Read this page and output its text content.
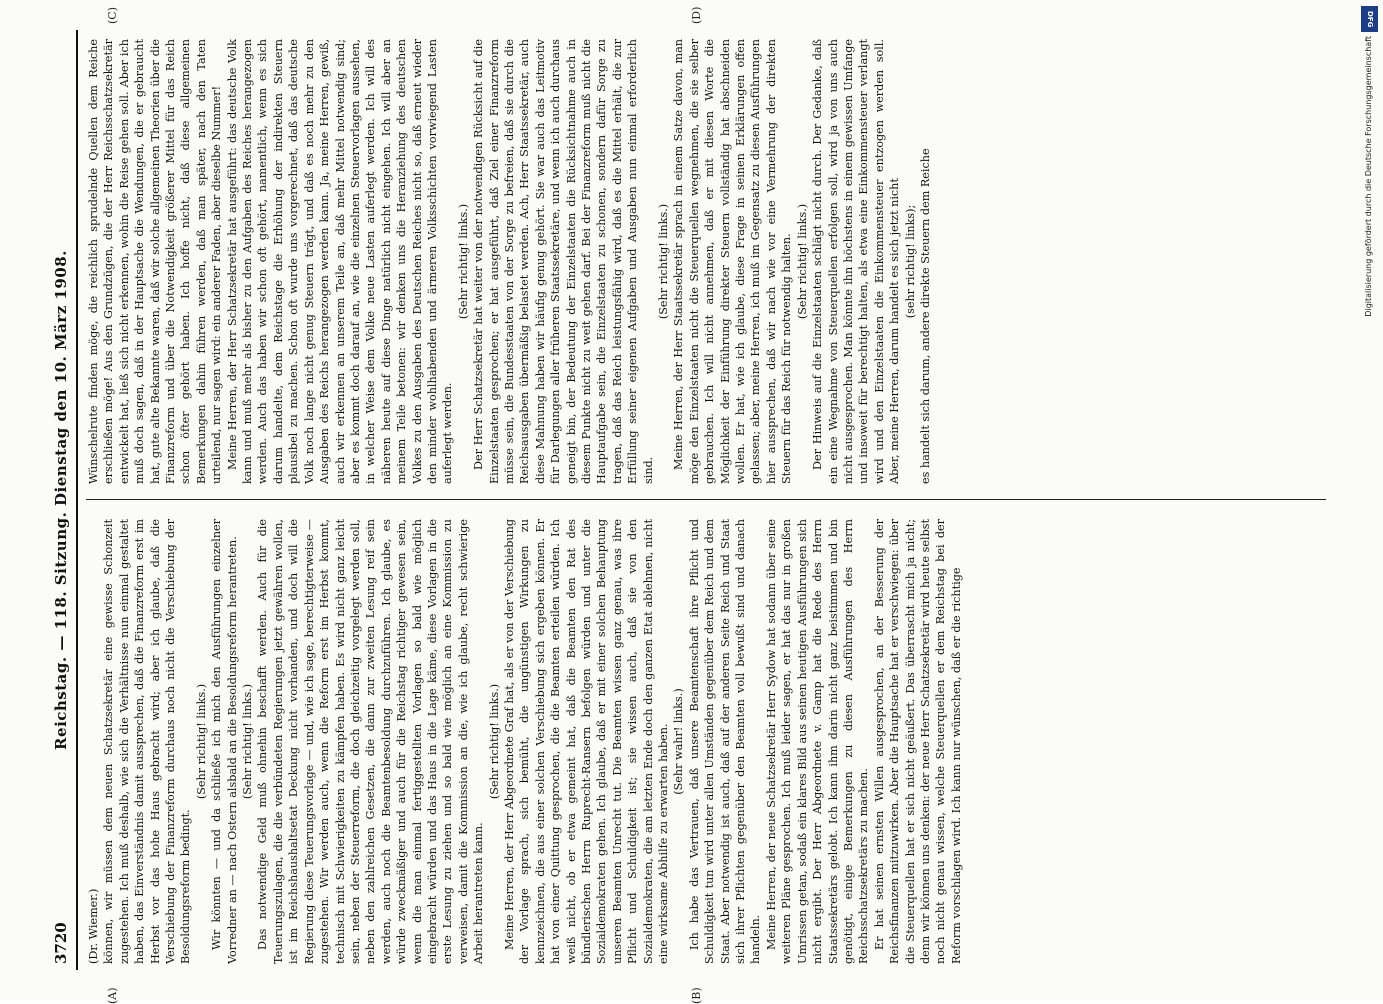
3720
Reichstag. — 118. Sitzung. Dienstag den 10. März 1908.
(A)	(B)
(C)	(D)

(Dr. Wiemer.) können, wir müssen dem neuen Schatzsekretär eine gewisse Schonzeit zugestehen. Ich muß deshalb, wie sich die Verhältnisse nun einmal gestaltet haben, das Einverständnis damit aussprechen, daß die Finanzreform erst im Herbst vor das hohe Haus gebracht wird; aber ich glaube, daß die Verschiebung der Finanzreform durchaus noch nicht die Verschiebung der Besoldungsreform bedingt.

(Sehr richtig! links.) Wir könnten — und da schließe ich mich den Ausführungen einzelner Vorredner an — nach Ostern alsbald an die Besoldungsreform herantreten. (Sehr richtig! links.) Das notwendige Geld muß ohnehin beschafft werden. Auch für die Teuerungszulagen, die die verbündeten Regierungen jetzt gewähren wollen, ist im Reichshaushaltsetat Deckung nicht vorhanden, und doch will die Regierung diese Teuerungsvorlage — und, wie ich sage, berechtigterweise — zugestehen. Wir werden auch, wenn die Reform erst im Herbst kommt, technisch mit Schwierigkeiten zu kämpfen haben. Es wird nicht ganz leicht sein, neben der Steuerreform, die doch gleichzeitig vorgelegt werden soll, neben den zahlreichen Gesetzen, die dann zur zweiten Lesung reif sein werden, auch noch die Beamtenbesoldung durchzuführen. Ich glaube, es würde zweckmäßiger und auch für die Reichstag richtiger gewesen sein, wenn die man einmal fertiggestellten Vorlagen so bald wie möglich eingebracht würden und das Haus in die Lage käme, diese Vorlagen in die erste Lesung zu ziehen und so bald wie möglich an eine Kommission zu verweisen, damit die Kommission an die, wie ich glaube, recht schwierige Arbeit herantreten kann.

(Sehr richtig! links.) Meine Herren, der Herr Abgeordnete Graf hat, als er von der Verschiebung der Vorlage sprach, sich bemüht, die ungünstigen Wirkungen zu kennzeichnen, die aus einer solchen Verschiebung sich ergeben können. Er hat von einer Quittung gesprochen, die die Beamten erteilen würden. Ich weiß nicht, ob er etwa gemeint hat, daß die Beamten den Rat des bündlerischen Herrn Ruprecht-Ransern befolgen würden und unter die Sozialdemokraten gehen. Ich glaube, daß er mit einer solchen Behauptung unseren Beamten Unrecht tut. Die Beamten wissen ganz genau, was ihre Pflicht und Schuldigkeit ist; sie wissen auch, daß sie von den Sozialdemokraten, die am letzten Ende doch den ganzen Etat ablehnen, nicht eine wirksame Abhilfe zu erwarten haben. (Sehr wahr! links.) Ich habe das Vertrauen, daß unsere Beamtenschaft ihre Pflicht und Schuldigkeit tun wird unter allen Umständen gegenüber dem Reich und dem Staat. Aber notwendig ist auch, daß auf der anderen Seite Reich und Staat sich ihrer Pflichten gegenüber den Beamten voll bewußt sind und danach handeln. Meine Herren, der neue Schatzsekretär Herr Sydow hat sodann über seine weiteren Pläne gesprochen. Ich muß leider sagen, er hat das nur in großen Umrissen getan, sodaß ein klares Bild aus seinen heutigen Ausführungen sich nicht ergibt. Der Herr Abgeordnete v. Gamp hat die Rede des Herrn Staatssekretärs gelobt. Ich kann ihm darin nicht ganz beistimmen und bin genötigt, einige Bemerkungen zu diesen Ausführungen des Herrn Reichsschatzsekretärs zu machen. Er hat seinen ernsten Willen ausgesprochen, an der Besserung der Reichsfinanzen mitzuwirken. Aber die Hauptsache hat er verschwiegen: über die Steuerquellen hat er sich nicht geäußert. Das überrascht mich ja nicht; denn wir können uns denken: der neue Herr Schatzsekretär wird heute selbst noch nicht genau wissen, welche Steuerquellen er dem Reichstag bei der Reform vorschlagen wird. Ich kann nur wünschen, daß er die richtige

Wünschelrute finden möge, die reichlich sprudelnde Quellen dem Reiche erschließen möge! Aus den Grundzügen, die der Herr Reichsschatzsekretär entwickelt hat, ließ sich nicht erkennen, wohin die Reise gehen soll. Aber ich muß doch sagen, daß in der Hauptsache die Wendungen, die er gebraucht hat, gute alte Bekannte waren, daß wir solche allgemeinen Theorien über die Finanzreform und über die Notwendigkeit größerer Mittel für das Reich schon öfter gehört haben. Ich hoffe nicht, daß diese allgemeinen Bemerkungen dahin führen werden, daß man später, nach den Taten urteilend, nur sagen wird: ein anderer Faden, aber dieselbe Nummer! Meine Herren, der Herr Schatzsekretär hat ausgeführt: das deutsche Volk kann und muß mehr als bisher zu den Aufgaben des Reiches herangezogen werden. Auch das haben wir schon oft gehört, namentlich, wenn es sich darum handelte, dem Reichstage die Erhöhung der indirekten Steuern plausibel zu machen. Schon oft wurde uns vorgerechnet, daß das deutsche Volk noch lange nicht genug Steuern trägt, und daß es noch mehr zu den Ausgaben des Reichs herangezogen werden kann. Ja, meine Herren, gewiß, auch wir erkennen an unserem Teile an, daß mehr Mittel notwendig sind; aber es kommt doch darauf an, wie die einzelnen Steuervorlagen aussehen, in welcher Weise dem Volke neue Lasten auferlegt werden. Ich will des näheren heute auf diese Dinge natürlich nicht eingehen. Ich will aber an meinem Teile betonen: wir denken uns die Heranziehung des deutschen Volkes zu den Ausgaben des Deutschen Reiches nicht so, daß erneut wieder den minder wohlhabenden und ärmeren Volksschichten vorwiegend Lasten auferlegt werden.

(Sehr richtig! links.) Der Herr Schatzsekretär hat weiter von der notwendigen Rücksicht auf die Einzelstaaten gesprochen; er hat ausgeführt, daß Ziel einer Finanzreform müsse sein, die Bundesstaaten von der Sorge zu befreien, daß sie durch die Reichsausgaben übermäßig belastet werden. Ach, Herr Staatssekretär, auch diese Mahnung haben wir häufig genug gehört. Sie war auch das Leitmotiv für Darlegungen aller früheren Staatssekretäre, und wenn ich auch durchaus geneigt bin, der Bedeutung der Einzelstaaten die Rücksichtnahme auch in diesem Punkte nicht zu weit gehen darf. Bei der Finanzreform muß nicht die Hauptaufgabe sein, die Einzelstaaten zu schonen, sondern dafür Sorge zu tragen, daß das Reich leistungsfähig wird, daß es die Mittel erhält, die zur Erfüllung seiner eigenen Aufgaben und Ausgaben nun einmal erforderlich sind.

(Sehr richtig! links.) Meine Herren, der Herr Staatssekretär sprach in einem Satze davon, man möge den Einzelstaaten nicht die Steuerquellen wegnehmen, die sie selber gebrauchen. Ich will nicht annehmen, daß er mit diesen Worte die Möglichkeit der Einführung direkter Steuern vollständig hat abschneiden wollen. Er hat, wie ich glaube, diese Frage in seinen Erklärungen offen gelassen; aber, meine Herren, ich muß im Gegensatz zu diesen Ausführungen hier aussprechen, daß wir nach wie vor eine Vermehrung der direkten Steuern für das Reich für notwendig halten. (Sehr richtig! links.) Der Hinweis auf die Einzelstaaten schlägt nicht durch. Der Gedanke, daß ein eine Wegnahme von Steuerquellen erfolgen soll, wird ja von uns auch nicht ausgesprochen. Man könnte ihn höchstens in einem gewissen Umfange und insoweit für berechtigt halten, als etwa eine Einkommensteuer verlangt wird und den Einzelstaaten die Einkommensteuer entzogen werden soll. Aber, meine Herren, darum handelt es sich jetzt nicht (sehr richtig! links); es handelt sich darum, andere direkte Steuern dem Reiche

DFG
Digitalisierung gefördert durch die Deutsche Forschungsgemeinschaft
